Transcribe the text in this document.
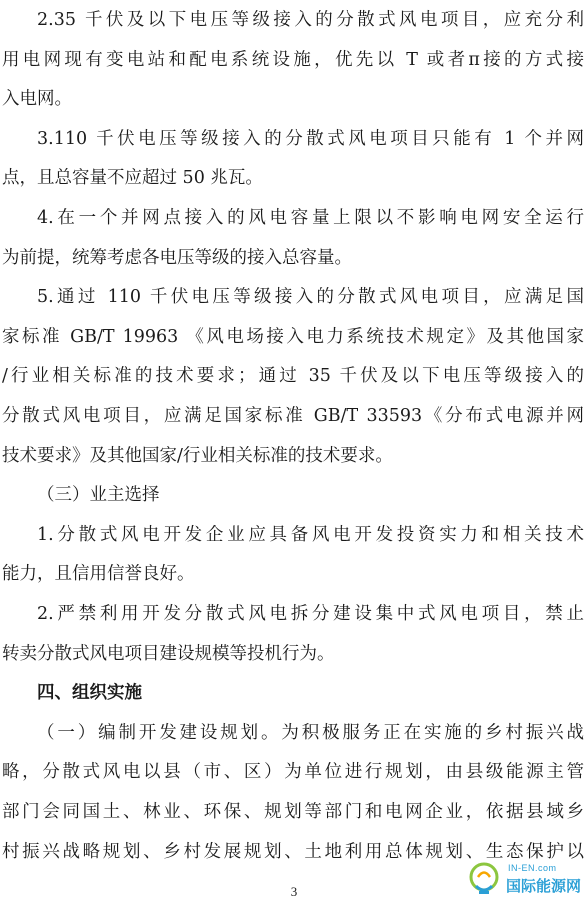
2.35 千伏及以下电压等级接入的分散式风电项目，应充分利
用电网现有变电站和配电系统设施，优先以 T 或者π接的方式接
入电网。
3.110 千伏电压等级接入的分散式风电项目只能有 1 个并网
点，且总容量不应超过 50 兆瓦。
4.在一个并网点接入的风电容量上限以不影响电网安全运行
为前提，统筹考虑各电压等级的接入总容量。
5.通过 110 千伏电压等级接入的分散式风电项目，应满足国
家标准 GB/T 19963 《风电场接入电力系统技术规定》及其他国家
/行业相关标准的技术要求；通过 35 千伏及以下电压等级接入的
分散式风电项目，应满足国家标准 GB/T 33593《分布式电源并网
技术要求》及其他国家/行业相关标准的技术要求。
（三）业主选择
1.分散式风电开发企业应具备风电开发投资实力和相关技术
能力，且信用信誉良好。
2.严禁利用开发分散式风电拆分建设集中式风电项目，禁止
转卖分散式风电项目建设规模等投机行为。
四、组织实施
（一）编制开发建设规划。为积极服务正在实施的乡村振兴战
略，分散式风电以县（市、区）为单位进行规划，由县级能源主管
部门会同国土、林业、环保、规划等部门和电网企业，依据县域乡
村振兴战略规划、乡村发展规划、土地利用总体规划、生态保护以
3
IN-EN.com
国际能源网
